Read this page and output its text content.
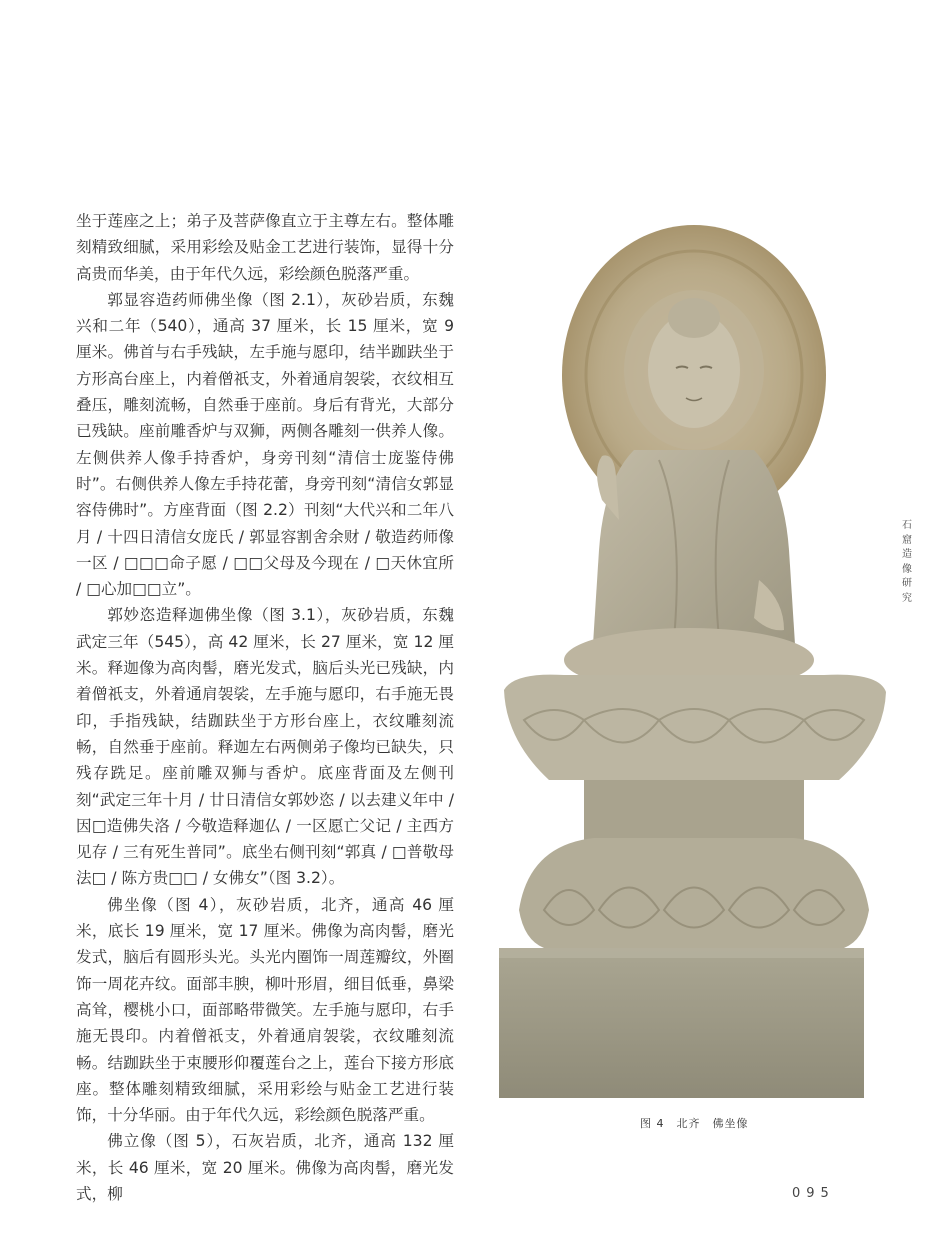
坐于莲座之上；弟子及菩萨像直立于主尊左右。整体雕刻精致细腻，采用彩绘及贴金工艺进行装饰，显得十分高贵而华美，由于年代久远，彩绘颜色脱落严重。

郭显容造药师佛坐像（图 2.1），灰砂岩质，东魏兴和二年（540），通高 37 厘米，长 15 厘米，宽 9 厘米。佛首与右手残缺，左手施与愿印，结半跏趺坐于方形高台座上，内着僧祇支，外着通肩袈裟，衣纹相互叠压，雕刻流畅，自然垂于座前。身后有背光，大部分已残缺。座前雕香炉与双狮，两侧各雕刻一供养人像。左侧供养人像手持香炉，身旁刊刻“清信士庞鉴侍佛时”。右侧供养人像左手持花蕾，身旁刊刻“清信女郭显容侍佛时”。方座背面（图 2.2）刊刻“大代兴和二年八月 / 十四日清信女庞氏 / 郭显容割舍余财 / 敬造药师像一区 / □□□命子愿 / □□父母及今现在 / □天休宜所 / □心加□□立”。

郭妙恣造释迦佛坐像（图 3.1），灰砂岩质，东魏武定三年（545），高 42 厘米，长 27 厘米，宽 12 厘米。释迦像为高肉髻，磨光发式，脑后头光已残缺，内着僧祇支，外着通肩袈裟，左手施与愿印，右手施无畏印，手指残缺，结跏趺坐于方形台座上，衣纹雕刻流畅，自然垂于座前。释迦左右两侧弟子像均已缺失，只残存跣足。座前雕双狮与香炉。底座背面及左侧刊刻“武定三年十月 / 廿日清信女郭妙恣 / 以去建义年中 / 因□造佛失洛 / 今敬造释迦仏 / 一区愿亡父记 / 主西方见存 / 三有死生普同”。底坐右侧刊刻“郭真 / □普敬母法□ / 陈方贵□□ / 女佛女”（图 3.2）。

佛坐像（图 4），灰砂岩质，北齐，通高 46 厘米，底长 19 厘米，宽 17 厘米。佛像为高肉髻，磨光发式，脑后有圆形头光。头光内圈饰一周莲瓣纹，外圈饰一周花卉纹。面部丰腴，柳叶形眉，细目低垂，鼻梁高耸，樱桃小口，面部略带微笑。左手施与愿印，右手施无畏印。内着僧祇支，外着通肩袈裟，衣纹雕刻流畅。结跏趺坐于束腰形仰覆莲台之上，莲台下接方形底座。整体雕刻精致细腻，采用彩绘与贴金工艺进行装饰，十分华丽。由于年代久远，彩绘颜色脱落严重。

佛立像（图 5），石灰岩质，北齐，通高 132 厘米，长 46 厘米，宽 20 厘米。佛像为高肉髻，磨光发式，柳

图 4　北齐　佛坐像
石窟造像研究
095
